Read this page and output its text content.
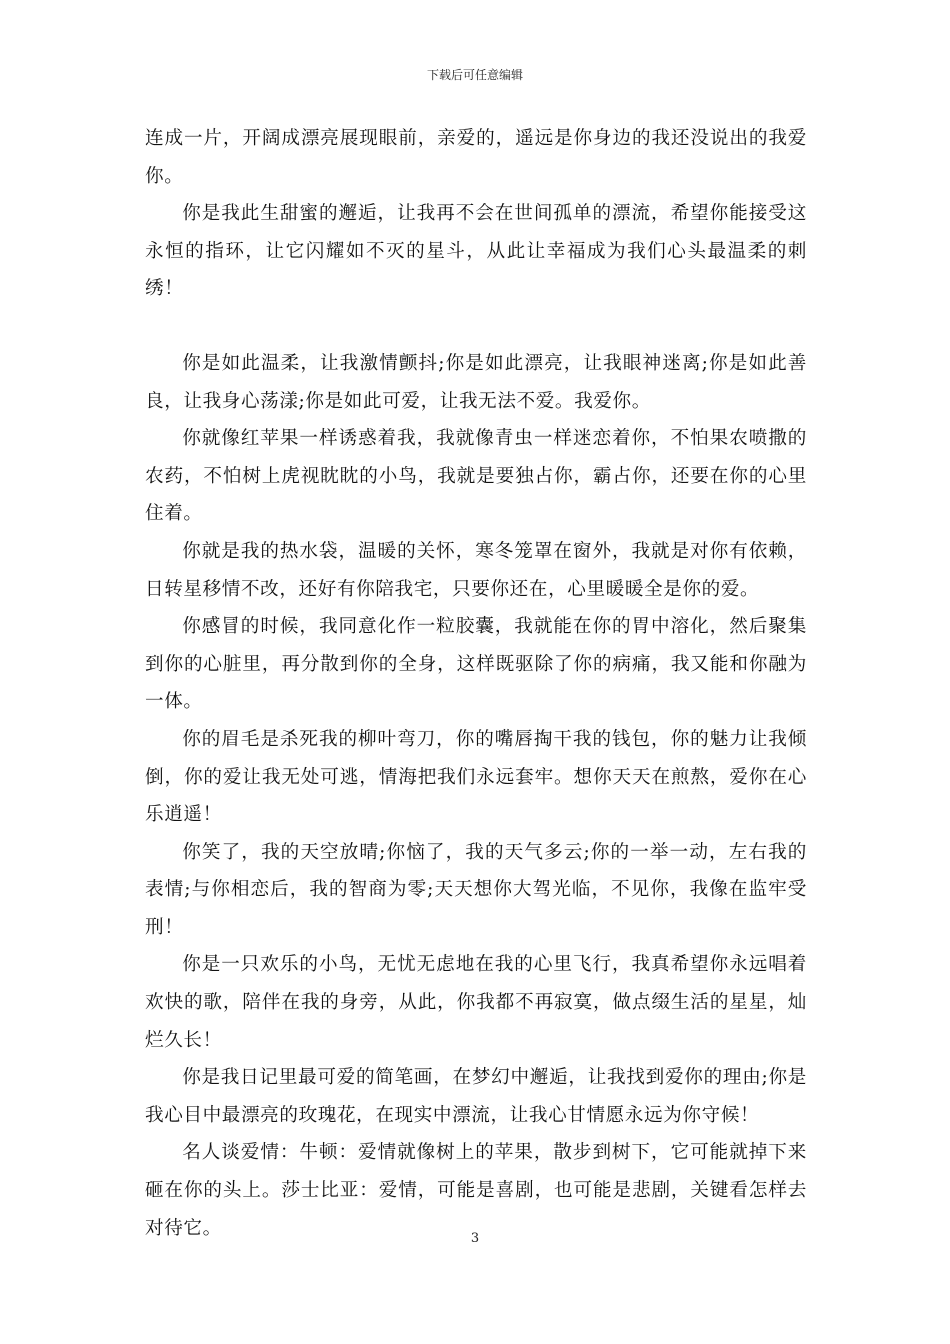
下载后可任意编辑

连成一片，开阔成漂亮展现眼前，亲爱的，遥远是你身边的我还没说出的我爱你。

你是我此生甜蜜的邂逅，让我再不会在世间孤单的漂流，希望你能接受这永恒的指环，让它闪耀如不灭的星斗，从此让幸福成为我们心头最温柔的刺绣！

你是如此温柔，让我激情颤抖;你是如此漂亮，让我眼神迷离;你是如此善良，让我身心荡漾;你是如此可爱，让我无法不爱。我爱你。

你就像红苹果一样诱惑着我，我就像青虫一样迷恋着你，不怕果农喷撒的农药，不怕树上虎视眈眈的小鸟，我就是要独占你，霸占你，还要在你的心里住着。

你就是我的热水袋，温暖的关怀，寒冬笼罩在窗外，我就是对你有依赖，日转星移情不改，还好有你陪我宅，只要你还在，心里暖暖全是你的爱。

你感冒的时候，我同意化作一粒胶囊，我就能在你的胃中溶化，然后聚集到你的心脏里，再分散到你的全身，这样既驱除了你的病痛，我又能和你融为一体。

你的眉毛是杀死我的柳叶弯刀，你的嘴唇掏干我的钱包，你的魅力让我倾倒，你的爱让我无处可逃，情海把我们永远套牢。想你天天在煎熬，爱你在心乐逍遥！

你笑了，我的天空放晴;你恼了，我的天气多云;你的一举一动，左右我的表情;与你相恋后，我的智商为零;天天想你大驾光临，不见你，我像在监牢受刑！

你是一只欢乐的小鸟，无忧无虑地在我的心里飞行，我真希望你永远唱着欢快的歌，陪伴在我的身旁，从此，你我都不再寂寞，做点缀生活的星星，灿烂久长！

你是我日记里最可爱的简笔画，在梦幻中邂逅，让我找到爱你的理由;你是我心目中最漂亮的玫瑰花，在现实中漂流，让我心甘情愿永远为你守候！

名人谈爱情：牛顿：爱情就像树上的苹果，散步到树下，它可能就掉下来砸在你的头上。莎士比亚：爱情，可能是喜剧，也可能是悲剧，关键看怎样去对待它。	3
